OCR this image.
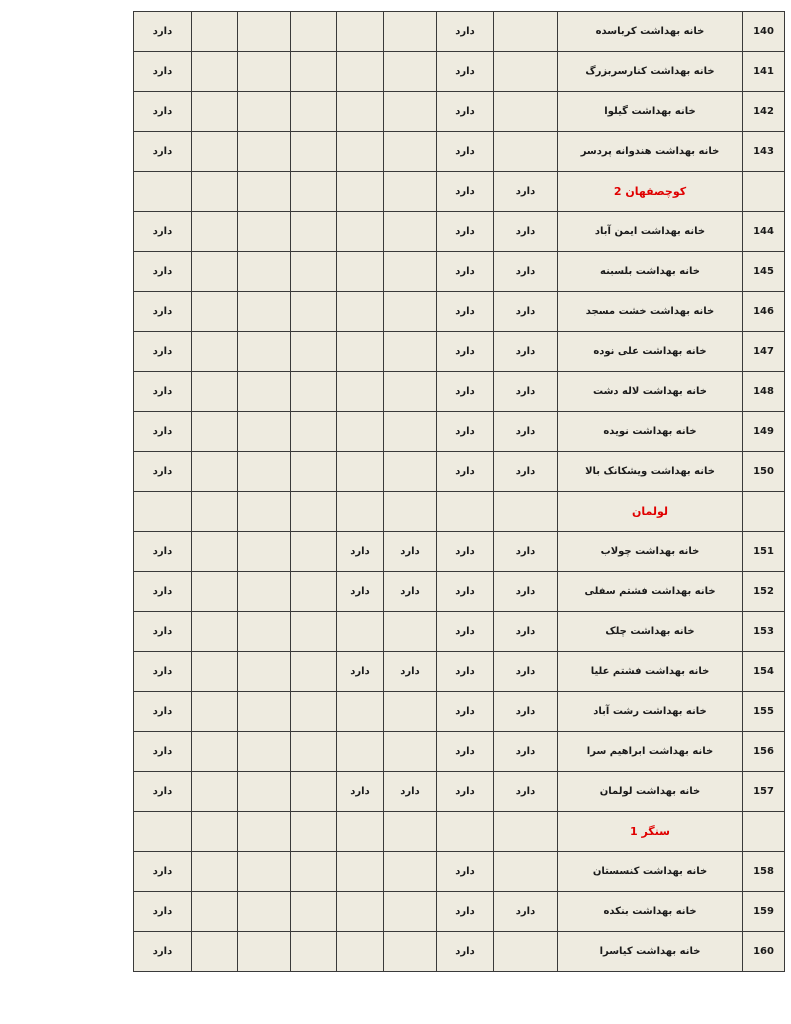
دارد						دارد		خانه بهداشت کرباسده	140
دارد						دارد		خانه بهداشت کنارسربزرگ	141
دارد						دارد		خانه بهداشت گیلوا	142
دارد						دارد		خانه بهداشت هندوانه پردسر	143
						دارد	دارد	کوچصفهان 2	
دارد						دارد	دارد	خانه بهداشت ایمن آباد	144
دارد						دارد	دارد	خانه بهداشت بلسبنه	145
دارد						دارد	دارد	خانه بهداشت خشت مسجد	146
دارد						دارد	دارد	خانه بهداشت علی نوده	147
دارد						دارد	دارد	خانه بهداشت لاله دشت	148
دارد						دارد	دارد	خانه بهداشت نویده	149
دارد						دارد	دارد	خانه بهداشت ویشکانک بالا	150
								لولمان	
دارد				دارد	دارد	دارد	دارد	خانه بهداشت چولاب	151
دارد				دارد	دارد	دارد	دارد	خانه بهداشت فشتم سفلی	152
دارد						دارد	دارد	خانه بهداشت چلک	153
دارد				دارد	دارد	دارد	دارد	خانه بهداشت فشتم علیا	154
دارد						دارد	دارد	خانه بهداشت رشت آباد	155
دارد						دارد	دارد	خانه بهداشت ابراهیم سرا	156
دارد				دارد	دارد	دارد	دارد	خانه بهداشت لولمان	157
								سنگر 1	
دارد						دارد		خانه بهداشت کنسستان	158
دارد						دارد	دارد	خانه بهداشت بنکده	159
دارد						دارد		خانه بهداشت کیاسرا	160
